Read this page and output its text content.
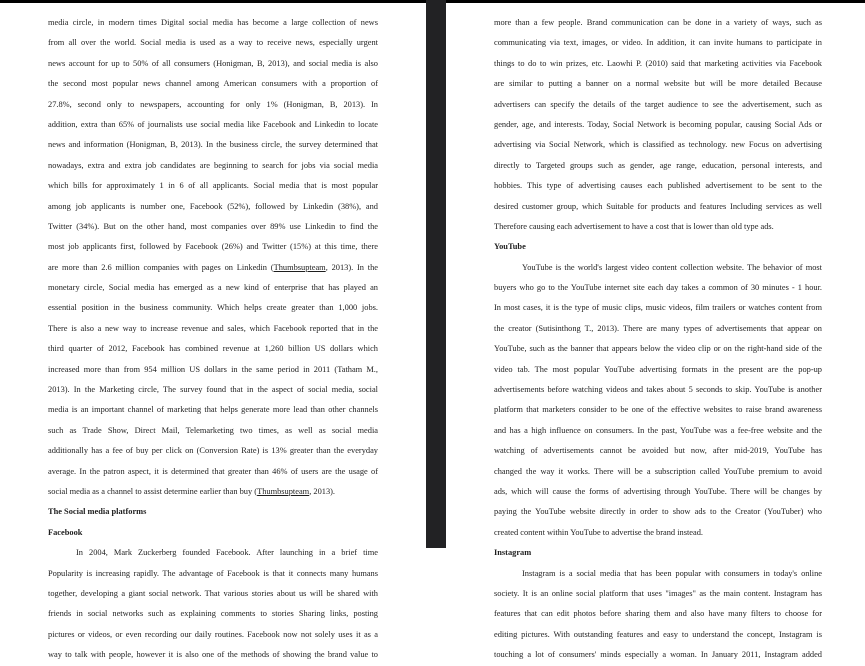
media circle, in modern times Digital social media has become a large collection of news
from all over the world. Social media is used as a way to receive news, especially urgent
news account for up to 50% of all consumers (Honigman, B, 2013), and social media is also
the second most popular news channel among American consumers with a proportion of
27.8%, second only to newspapers, accounting for only 1% (Honigman, B, 2013). In
addition, extra than 65% of journalists use social media like Facebook and Linkedin to locate
news and information (Honigman, B, 2013). In the business circle, the survey determined that
nowadays, extra and extra job candidates are beginning to search for jobs via social media
which bills for approximately 1 in 6 of all applicants. Social media that is most popular
among job applicants is number one, Facebook (52%), followed by Linkedin (38%), and
Twitter (34%). But on the other hand, most companies over 89% use Linkedin to find the
most job applicants first, followed by Facebook (26%) and Twitter (15%) at this time, there
are more than 2.6 million companies with pages on Linkedin (Thumbsupteam, 2013). In the
monetary circle, Social media has emerged as a new kind of enterprise that has played an
essential position in the business community. Which helps create greater than 1,000 jobs.
There is also a new way to increase revenue and sales, which Facebook reported that in the
third quarter of 2012, Facebook has combined revenue at 1,260 billion US dollars which
increased more than from 954 million US dollars in the same period in 2011 (Tatham M.,
2013). In the Marketing circle, The survey found that in the aspect of social media, social
media is an important channel of marketing that helps generate more lead than other channels
such as Trade Show, Direct Mail, Telemarketing two times, as well as social media
additionally has a fee of buy per click on (Conversion Rate) is 13% greater than the everyday
average. In the patron aspect, it is determined that greater than 46% of users are the usage of
social media as a channel to assist determine earlier than buy (Thumbsupteam, 2013).
The Social media platforms
Facebook
In 2004, Mark Zuckerberg founded Facebook. After launching in a brief time
Popularity is increasing rapidly. The advantage of Facebook is that it connects many humans
together, developing a giant social network. That various stories about us will be shared with
friends in social networks such as explaining comments to stories Sharing links, posting
pictures or videos, or even recording our daily routines. Facebook now not solely uses it as a
way to talk with people, however it is also one of the methods of showing the brand value to
more than a few people. Brand communication can be done in a variety of ways, such as
communicating via text, images, or video. In addition, it can invite humans to participate in
things to do to win prizes, etc. Laowhi P. (2010) said that marketing activities via Facebook
are similar to putting a banner on a normal website but will be more detailed Because
advertisers can specify the details of the target audience to see the advertisement, such as
gender, age, and interests. Today, Social Network is becoming popular, causing Social Ads or
advertising via Social Network, which is classified as technology. new Focus on advertising
directly to Targeted groups such as gender, age range, education, personal interests, and
hobbies. This type of advertising causes each published advertisement to be sent to the
desired customer group, which Suitable for products and features Including services as well
Therefore causing each advertisement to have a cost that is lower than old type ads.
YouTube
YouTube is the world's largest video content collection website. The behavior of most
buyers who go to the YouTube internet site each day takes a common of 30 minutes - 1 hour.
In most cases, it is the type of music clips, music videos, film trailers or watches content from
the creator (Sutisinthong T., 2013). There are many types of advertisements that appear on
YouTube, such as the banner that appears below the video clip or on the right-hand side of the
video tab. The most popular YouTube advertising formats in the present are the pop-up
advertisements before watching videos and takes about 5 seconds to skip. YouTube is another
platform that marketers consider to be one of the effective websites to raise brand awareness
and has a high influence on consumers. In the past, YouTube was a fee-free website and the
watching of advertisements cannot be avoided but now, after mid-2019, YouTube has
changed the way it works. There will be a subscription called YouTube premium to avoid
ads, which will cause the forms of advertising through YouTube. There will be changes by
paying the YouTube website directly in order to show ads to the Creator (YouTuber) who
created content within YouTube to advertise the brand instead.
Instagram
Instagram is a social media that has been popular with consumers in today's online
society. It is an online social platform that uses "images" as the main content. Instagram has
features that can edit photos before sharing them and also have many filters to choose for
editing pictures. With outstanding features and easy to understand the concept, Instagram is
touching a lot of consumers' minds especially a woman. In January 2011, Instagram added
